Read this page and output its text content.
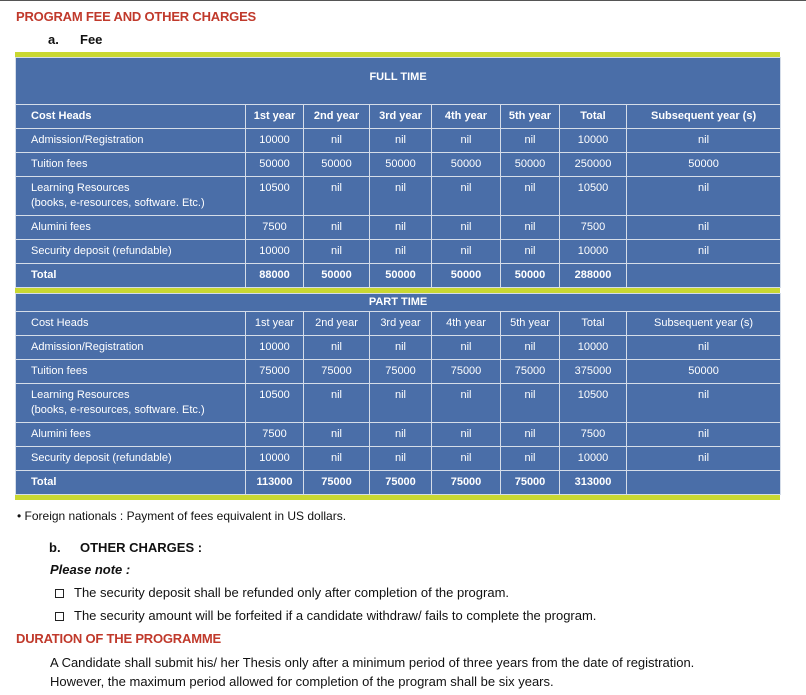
PROGRAM FEE AND OTHER CHARGES
a. Fee
FULL TIME							

Cost Heads	1st year	2nd year	3rd year	4th year	5th year	Total	Subsequent year (s)
Admission/Registration	10000	nil	nil	nil	nil	10000	nil
Tuition fees	50000	50000	50000	50000	50000	250000	50000
Learning Resources
(books, e-resources, software. Etc.)	10500	nil	nil	nil	nil	10500	nil
Alumini fees	7500	nil	nil	nil	nil	7500	nil
Security deposit (refundable)	10000	nil	nil	nil	nil	10000	nil
Total	88000	50000	50000	50000	50000	288000	
PART TIME							
Cost Heads	1st year	2nd year	3rd year	4th year	5th year	Total	Subsequent year (s)
Admission/Registration	10000	nil	nil	nil	nil	10000	nil
Tuition fees	75000	75000	75000	75000	75000	375000	50000
Learning Resources
(books, e-resources, software. Etc.)	10500	nil	nil	nil	nil	10500	nil
Alumini fees	7500	nil	nil	nil	nil	7500	nil
Security deposit (refundable)	10000	nil	nil	nil	nil	10000	nil
Total	113000	75000	75000	75000	75000	313000	
• Foreign nationals : Payment of fees equivalent in US dollars.
b. OTHER CHARGES :
Please note :
The security deposit shall be refunded only after completion of the program.
The security amount will be forfeited if a candidate withdraw/ fails to complete the program.
DURATION OF THE PROGRAMME
A Candidate shall submit his/ her Thesis only after a minimum period of three years from the date of registration.
However, the maximum period allowed for completion of the program shall be six years.
